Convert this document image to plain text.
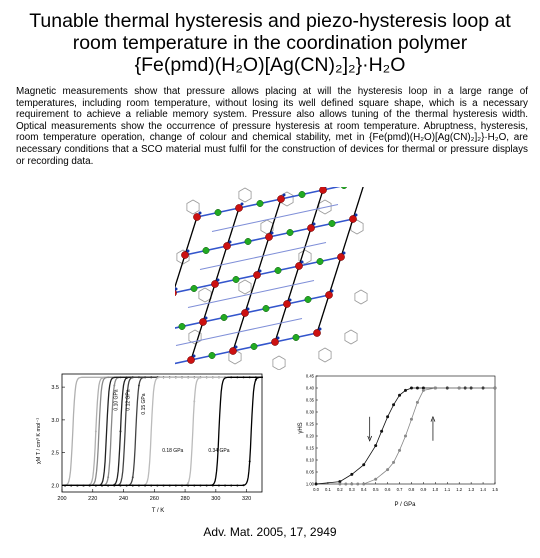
Tunable thermal hysteresis and piezo-hysteresis loop at
room temperature in the coordination polymer
{Fe(pmd)(H₂O)[Ag(CN)₂]₂}·H₂O
Magnetic measurements show that pressure allows placing at will the hysteresis loop in a large range of temperatures, including room temperature, without losing its well defined square shape, which is a necessary requirement to achieve a reliable memory system. Pressure also allows tuning of the thermal hysteresis width. Optical measurements show the occurrence of pressure hysteresis at room temperature. Abruptness, hysteresis, room temperature operation, change of colour and chemical stability, met in {Fe(pmd)(H₂O)[Ag(CN)₂]₂}·H₂O, are necessary conditions that a SCO material must fulfil for the construction of devices for thermal or pressure displays or recording data.
χM T / cm³ K mol⁻¹
T / K
200	220	240	260	280	300	320
2.0
2.5
3.0
3.5
0.10 GPa 0.12 GPa 0.15 GPa
0.18 GPa	0.34 GPa
γHS
P / GPa
0.0 0.1 0.2 0.3 0.4 0.5 0.6 0.7 0.8 0.9 1.0 1.1 1.2 1.3 1.4 1.5
0.45
0.40
0.35
0.30
0.25
0.20
0.15
0.10
0.05
1.00
Adv. Mat. 2005, 17, 2949
